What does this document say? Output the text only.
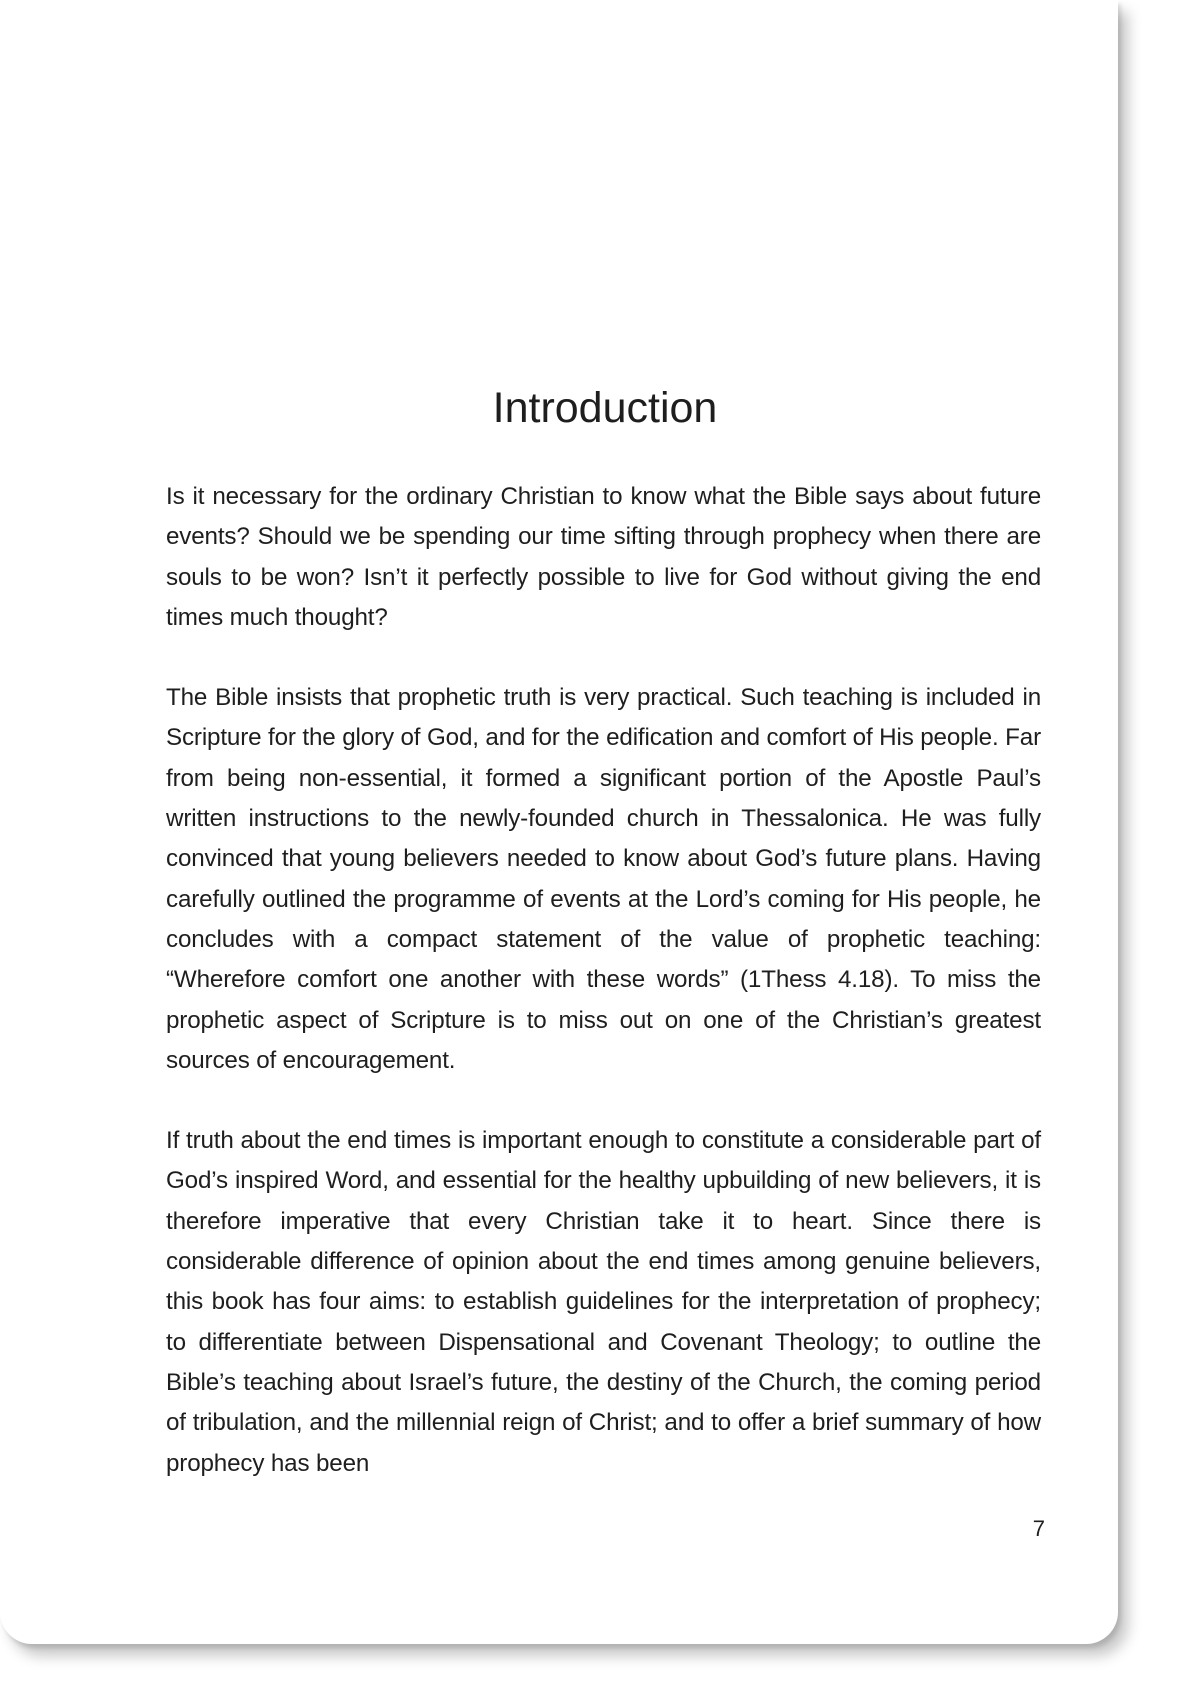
Introduction

Is it necessary for the ordinary Christian to know what the Bible says about future events? Should we be spending our time sifting through prophecy when there are souls to be won? Isn’t it perfectly possible to live for God without giving the end times much thought?

The Bible insists that prophetic truth is very practical. Such teaching is included in Scripture for the glory of God, and for the edification and comfort of His people. Far from being non-essential, it formed a significant portion of the Apostle Paul’s written instructions to the newly-founded church in Thessalonica. He was fully convinced that young believers needed to know about God’s future plans. Having carefully outlined the programme of events at the Lord’s coming for His people, he concludes with a compact statement of the value of prophetic teaching: “Wherefore comfort one another with these words” (1Thess 4.18). To miss the prophetic aspect of Scripture is to miss out on one of the Christian’s greatest sources of encouragement.

If truth about the end times is important enough to constitute a considerable part of God’s inspired Word, and essential for the healthy upbuilding of new believers, it is therefore imperative that every Christian take it to heart. Since there is considerable difference of opinion about the end times among genuine believers, this book has four aims: to establish guidelines for the interpretation of prophecy; to differentiate between Dispensational and Covenant Theology; to outline the Bible’s teaching about Israel’s future, the destiny of the Church, the coming period of tribulation, and the millennial reign of Christ; and to offer a brief summary of how prophecy has been

7
